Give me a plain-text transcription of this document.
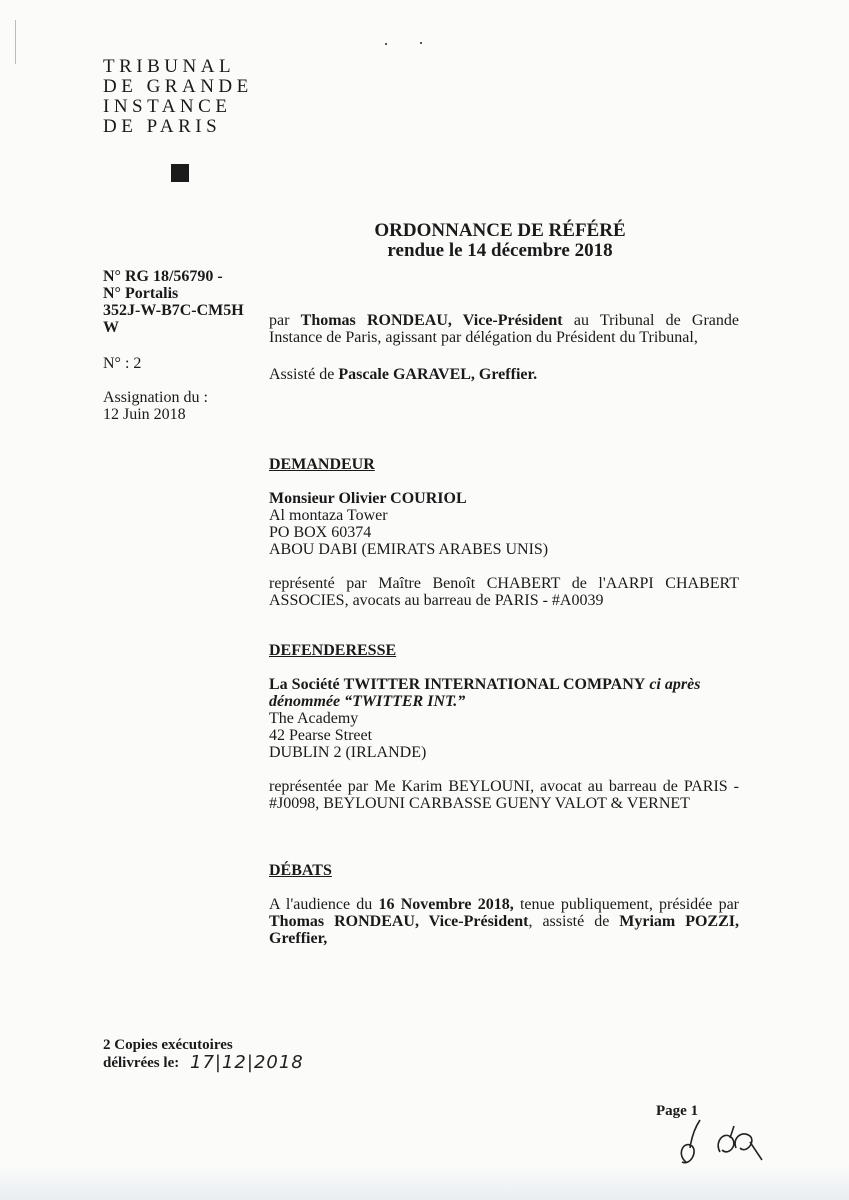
TRIBUNAL
DE GRANDE
INSTANCE
DE PARIS
ORDONNANCE DE RÉFÉRÉ
rendue le 14 décembre 2018
N° RG 18/56790 -
N° Portalis
352J-W-B7C-CM5H
W
N° : 2
Assignation du :
12 Juin 2018
par Thomas RONDEAU, Vice-Président au Tribunal de Grande Instance de Paris, agissant par délégation du Président du Tribunal,
Assisté de Pascale GARAVEL, Greffier.
DEMANDEUR
Monsieur Olivier COURIOL
Al montaza Tower
PO BOX 60374
ABOU DABI (EMIRATS ARABES UNIS)
représenté par Maître Benoît CHABERT de l'AARPI CHABERT ASSOCIES, avocats au barreau de PARIS - #A0039
DEFENDERESSE
La Société TWITTER INTERNATIONAL COMPANY ci après dénommée “TWITTER INT.”
The Academy
42 Pearse Street
DUBLIN 2 (IRLANDE)
représentée par Me Karim BEYLOUNI, avocat au barreau de PARIS - #J0098, BEYLOUNI CARBASSE GUENY VALOT & VERNET
DÉBATS
A l'audience du 16 Novembre 2018, tenue publiquement, présidée par Thomas RONDEAU, Vice-Président, assisté de Myriam POZZI, Greffier,
2 Copies exécutoires
délivrées le: 17|12|2018
Page 1
